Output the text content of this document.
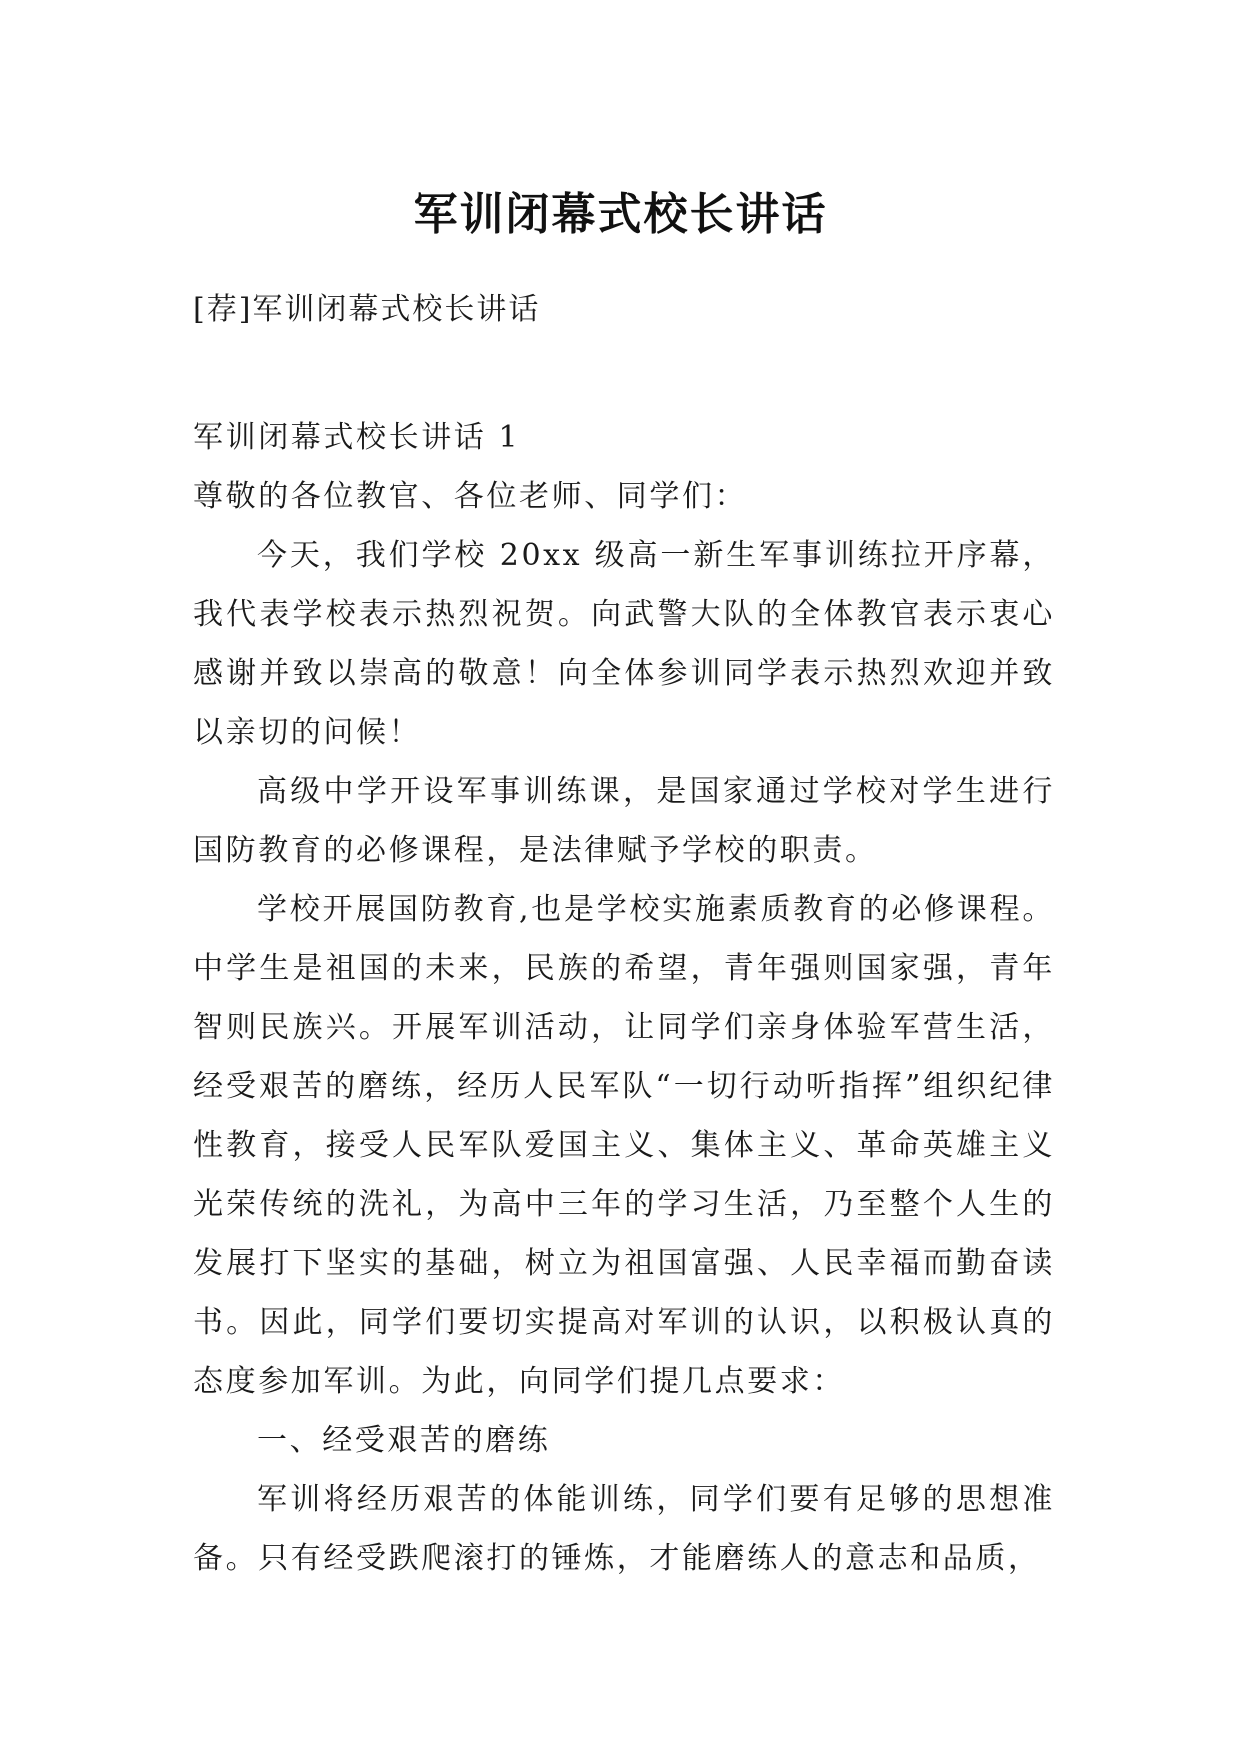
军训闭幕式校长讲话
[荐]军训闭幕式校长讲话

军训闭幕式校长讲话 1

尊敬的各位教官、各位老师、同学们：

今天，我们学校 20xx 级高一新生军事训练拉开序幕，我代表学校表示热烈祝贺。向武警大队的全体教官表示衷心感谢并致以崇高的敬意！向全体参训同学表示热烈欢迎并致以亲切的问候！

高级中学开设军事训练课，是国家通过学校对学生进行国防教育的必修课程，是法律赋予学校的职责。

学校开展国防教育,也是学校实施素质教育的必修课程。中学生是祖国的未来，民族的希望，青年强则国家强，青年智则民族兴。开展军训活动，让同学们亲身体验军营生活，经受艰苦的磨练，经历人民军队“一切行动听指挥”组织纪律性教育，接受人民军队爱国主义、集体主义、革命英雄主义光荣传统的洗礼，为高中三年的学习生活，乃至整个人生的发展打下坚实的基础，树立为祖国富强、人民幸福而勤奋读书。因此，同学们要切实提高对军训的认识，以积极认真的态度参加军训。为此，向同学们提几点要求：

一、经受艰苦的磨练

军训将经历艰苦的体能训练，同学们要有足够的思想准备。只有经受跌爬滚打的锤炼，才能磨练人的意志和品质，
